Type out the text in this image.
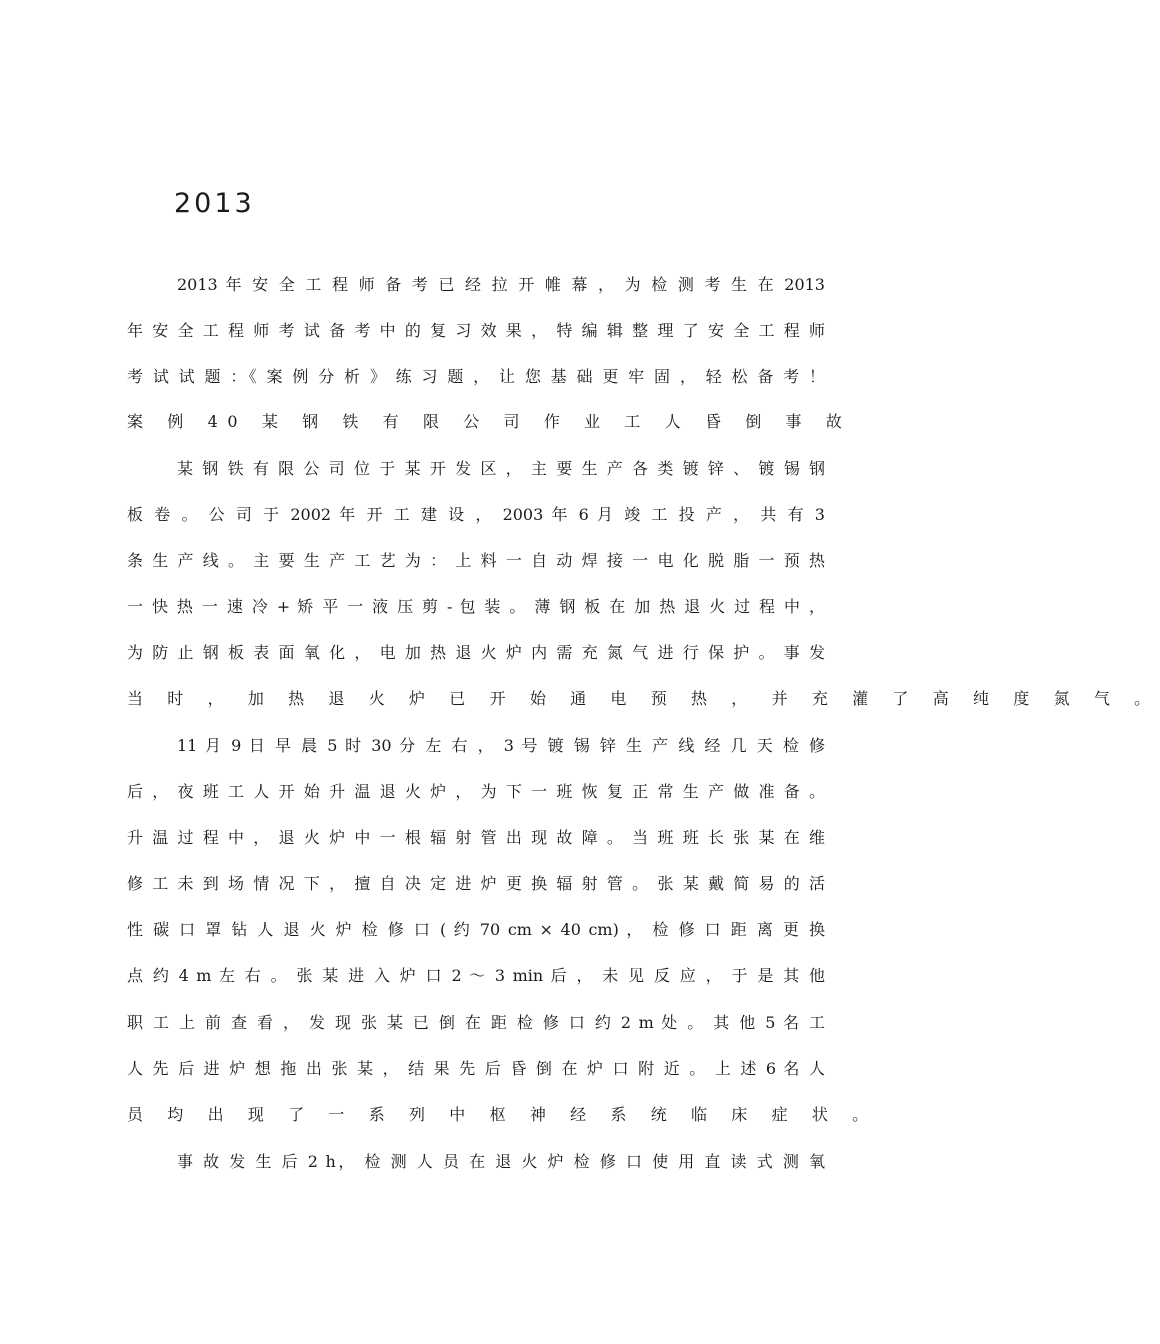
2013

2013 年 安 全 工 程 师 备 考 已 经 拉 开 帷 幕 ， 为 检 测 考 生 在 2013

年 安 全 工 程 师 考 试 备 考 中 的 复 习 效 果 ， 特 编 辑 整 理 了 安 全 工 程 师

考 试 试 题 ：《 案 例 分 析 》 练 习 题 ， 让 您 基 础 更 牢 固 ， 轻 松 备 考 ！

案 例 40 某 钢 铁 有 限 公 司 作 业 工 人 昏 倒 事 故

某 钢 铁 有 限 公 司 位 于 某 开 发 区 ， 主 要 生 产 各 类 镀 锌 、 镀 锡 钢

板 卷 。 公 司 于 2002 年 开 工 建 设 ， 2003 年 6 月 竣 工 投 产 ， 共 有 3

条 生 产 线 。 主 要 生 产 工 艺 为 ： 上 料 一 自 动 焊 接 一 电 化 脱 脂 一 预 热

一 快 热 一 速 冷 + 矫 平 一 液 压 剪 - 包 装 。 薄 钢 板 在 加 热 退 火 过 程 中 ，

为 防 止 钢 板 表 面 氧 化 ， 电 加 热 退 火 炉 内 需 充 氮 气 进 行 保 护 。 事 发

当 时 ， 加 热 退 火 炉 已 开 始 通 电 预 热 ， 并 充 灌 了 高 纯 度 氮 气 。

11 月 9 日 早 晨 5 时 30 分 左 右 ， 3 号 镀 锡 锌 生 产 线 经 几 天 检 修

后 ， 夜 班 工 人 开 始 升 温 退 火 炉 ， 为 下 一 班 恢 复 正 常 生 产 做 准 备 。

升 温 过 程 中 ， 退 火 炉 中 一 根 辐 射 管 出 现 故 障 。 当 班 班 长 张 某 在 维

修 工 未 到 场 情 况 下 ， 擅 自 决 定 进 炉 更 换 辐 射 管 。 张 某 戴 简 易 的 活

性 碳 口 罩 钻 人 退 火 炉 检 修 口 ( 约 70 cm × 40 cm) ， 检 修 口 距 离 更 换

点 约 4 m 左 右 。 张 某 进 入 炉 口 2 ～ 3 min 后 ， 未 见 反 应 ， 于 是 其 他

职 工 上 前 查 看 ， 发 现 张 某 已 倒 在 距 检 修 口 约 2 m 处 。 其 他 5 名 工

人 先 后 进 炉 想 拖 出 张 某 ， 结 果 先 后 昏 倒 在 炉 口 附 近 。 上 述 6 名 人

员 均 出 现 了 一 系 列 中 枢 神 经 系 统 临 床 症 状 。

事 故 发 生 后 2 h， 检 测 人 员 在 退 火 炉 检 修 口 使 用 直 读 式 测 氧
